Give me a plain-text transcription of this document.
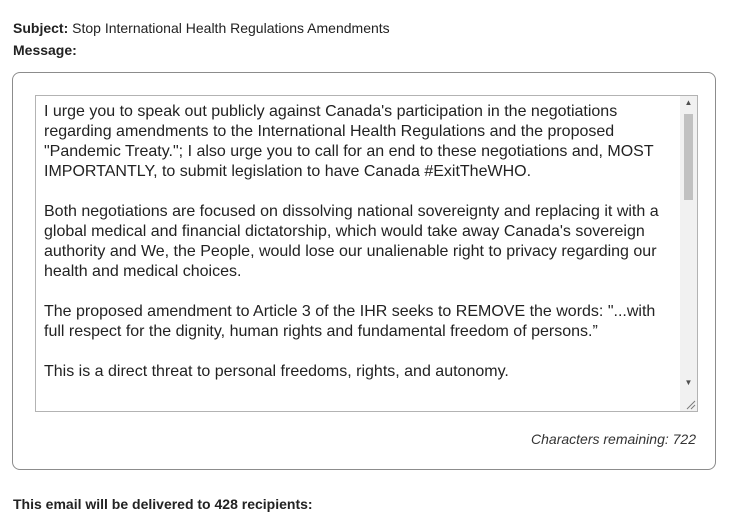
Subject: Stop International Health Regulations Amendments
Message:

I urge you to speak out publicly against Canada's participation in the negotiations regarding amendments to the International Health Regulations and the proposed "Pandemic Treaty."; I also urge you to call for an end to these negotiations and, MOST IMPORTANTLY, to submit legislation to have Canada #ExitTheWHO.

Both negotiations are focused on dissolving national sovereignty and replacing it with a global medical and financial dictatorship, which would take away Canada's sovereign authority and We, the People, would lose our unalienable right to privacy regarding our health and medical choices.

The proposed amendment to Article 3 of the IHR seeks to REMOVE the words: "...with full respect for the dignity, human rights and fundamental freedom of persons.”

This is a direct threat to personal freedoms, rights, and autonomy.

▲
▼
Characters remaining: 722
This email will be delivered to 428 recipients:
